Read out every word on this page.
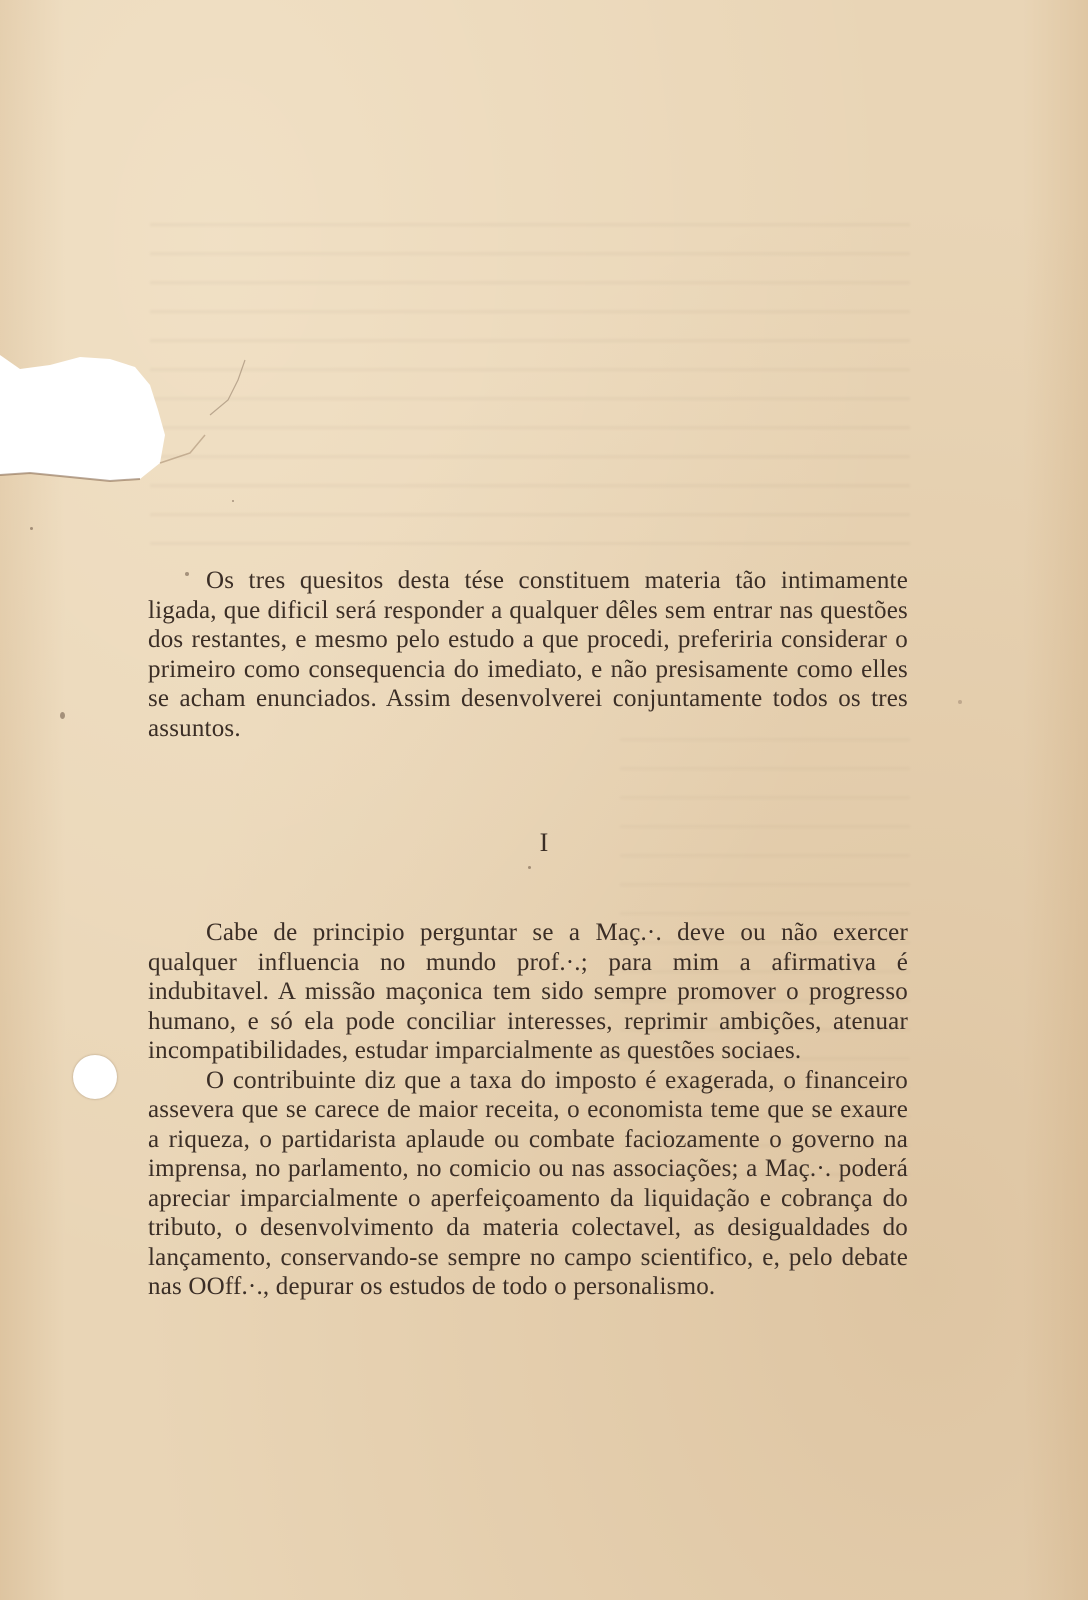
Os tres quesitos desta tése constituem materia tão intimamente ligada, que dificil será responder a qualquer dêles sem entrar nas questões dos restantes, e mesmo pelo estudo a que procedi, preferiria considerar o primeiro como consequencia do imediato, e não presisamente como elles se acham enunciados. Assim desenvolverei conjuntamente todos os tres assuntos.

I

Cabe de principio perguntar se a Maç.·. deve ou não exercer qualquer influencia no mundo prof.·.; para mim a afirmativa é indubitavel. A missão maçonica tem sido sempre promover o progresso humano, e só ela pode conciliar interesses, reprimir ambições, atenuar incompatibilidades, estudar imparcialmente as questões sociaes.

O contribuinte diz que a taxa do imposto é exagerada, o financeiro assevera que se carece de maior receita, o economista teme que se exaure a riqueza, o partidarista aplaude ou combate faciozamente o governo na imprensa, no parlamento, no comicio ou nas associações; a Maç.·. poderá apreciar imparcialmente o aperfeiçoamento da liquidação e cobrança do tributo, o desenvolvimento da materia colectavel, as desigualdades do lançamento, conservando-se sempre no campo scientifico, e, pelo debate nas OOff.·., depurar os estudos de todo o personalismo.
